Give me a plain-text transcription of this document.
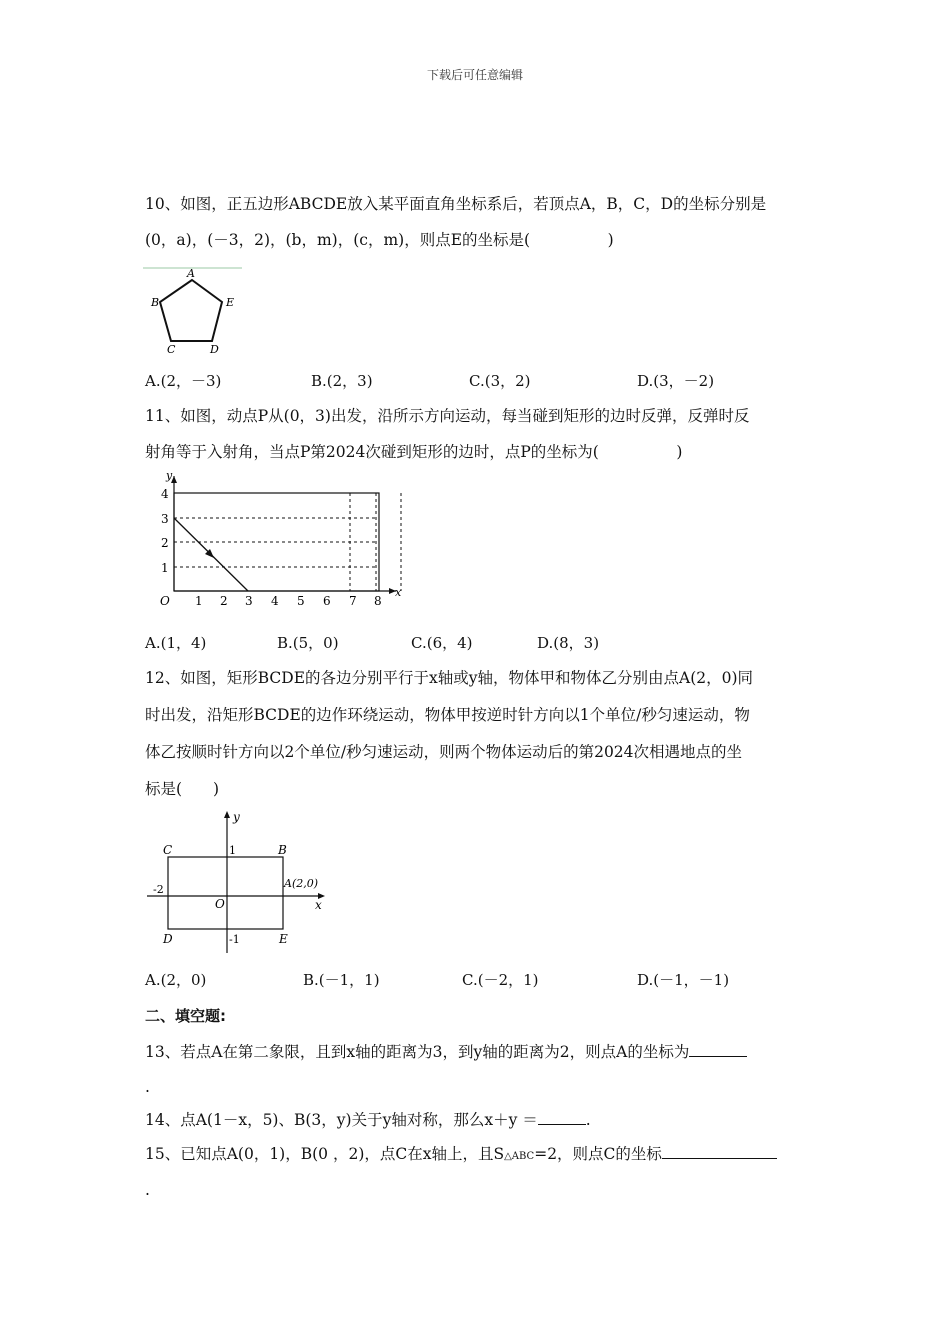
下载后可任意编辑
10、如图，正五边形ABCDE放入某平面直角坐标系后，若顶点A，B，C，D的坐标分别是
(0，a)，(－3，2)，(b，m)，(c，m)，则点E的坐标是(　　　　　)
A
B	E
C	D
A.(2，－3)	B.(2，3)	C.(3，2)	D.(3，－2)
11、如图，动点P从(0，3)出发，沿所示方向运动，每当碰到矩形的边时反弹，反弹时反
射角等于入射角，当点P第2024次碰到矩形的边时，点P的坐标为(　　　　　)
y
x
O 1 2 3 4 5 6 7 8
1
2
3
4
A.(1，4)	B.(5，0)	C.(6，4)	D.(8，3)
12、如图，矩形BCDE的各边分别平行于x轴或y轴，物体甲和物体乙分别由点A(2，0)同
时出发，沿矩形BCDE的边作环绕运动，物体甲按逆时针方向以1个单位/秒匀速运动，物
体乙按顺时针方向以2个单位/秒匀速运动，则两个物体运动后的第2024次相遇地点的坐
标是(　　)
y
x
C	B
D	E
1
-1
-2
O
A(2,0)
A.(2，0)	B.(－1，1)	C.(－2，1)	D.(－1，－1)
二、填空题:
13、若点A在第二象限，且到x轴的距离为3，到y轴的距离为2，则点A的坐标为
.
14、点A(1－x，5)、B(3，y)关于y轴对称，那么x＋y ＝	.
15、已知点A(0，1)，B(0 ，2)，点C在x轴上，且S△ABC=2，则点C的坐标
.
